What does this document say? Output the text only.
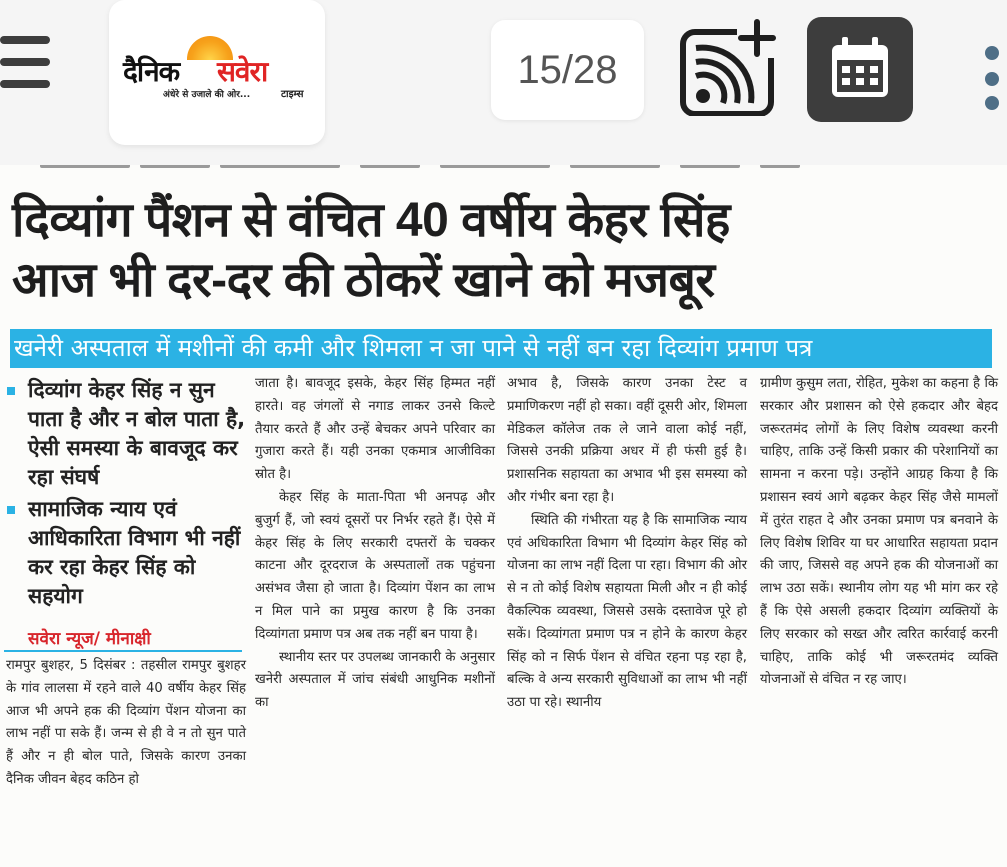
दैनिक सवेरा
अंधेरे से उजाले की ओर...	टाइम्स
15/28
दिव्यांग पैंशन से वंचित 40 वर्षीय केहर सिंह
आज भी दर-दर की ठोकरें खाने को मजबूर
खनेरी अस्पताल में मशीनों की कमी और शिमला न जा पाने से नहीं बन रहा दिव्यांग प्रमाण पत्र
दिव्यांग केहर सिंह न सुन पाता है और न बोल पाता है, ऐसी समस्या के बावजूद कर रहा संघर्ष
सामाजिक न्याय एवं आधिकारिता विभाग भी नहीं कर रहा केहर सिंह को सहयोग
सवेरा न्यूज/ मीनाक्षी

रामपुर बुशहर, 5 दिसंबर : तहसील रामपुर बुशहर के गांव लालसा में रहने वाले 40 वर्षीय केहर सिंह आज भी अपने हक की दिव्यांग पेंशन योजना का लाभ नहीं पा सके हैं। जन्म से ही वे न तो सुन पाते हैं और न ही बोल पाते, जिसके कारण उनका दैनिक जीवन बेहद कठिन हो

जाता है। बावजूद इसके, केहर सिंह हिम्मत नहीं हारते। वह जंगलों से नगाड लाकर उनसे किल्टे तैयार करते हैं और उन्हें बेचकर अपने परिवार का गुजारा करते हैं। यही उनका एकमात्र आजीविका स्रोत है।

केहर सिंह के माता-पिता भी अनपढ़ और बुजुर्ग हैं, जो स्वयं दूसरों पर निर्भर रहते हैं। ऐसे में केहर सिंह के लिए सरकारी दफ्तरों के चक्कर काटना और दूरदराज के अस्पतालों तक पहुंचना असंभव जैसा हो जाता है। दिव्यांग पेंशन का लाभ न मिल पाने का प्रमुख कारण है कि उनका दिव्यांगता प्रमाण पत्र अब तक नहीं बन पाया है।

स्थानीय स्तर पर उपलब्ध जानकारी के अनुसार खनेरी अस्पताल में जांच संबंधी आधुनिक मशीनों का

अभाव है, जिसके कारण उनका टेस्ट व प्रमाणिकरण नहीं हो सका। वहीं दूसरी ओर, शिमला मेडिकल कॉलेज तक ले जाने वाला कोई नहीं, जिससे उनकी प्रक्रिया अधर में ही फंसी हुई है। प्रशासनिक सहायता का अभाव भी इस समस्या को और गंभीर बना रहा है।

स्थिति की गंभीरता यह है कि सामाजिक न्याय एवं अधिकारिता विभाग भी दिव्यांग केहर सिंह को योजना का लाभ नहीं दिला पा रहा। विभाग की ओर से न तो कोई विशेष सहायता मिली और न ही कोई वैकल्पिक व्यवस्था, जिससे उसके दस्तावेज पूरे हो सकें। दिव्यांगता प्रमाण पत्र न होने के कारण केहर सिंह को न सिर्फ पेंशन से वंचित रहना पड़ रहा है, बल्कि वे अन्य सरकारी सुविधाओं का लाभ भी नहीं उठा पा रहे। स्थानीय

ग्रामीण कुसुम लता, रोहित, मुकेश का कहना है कि सरकार और प्रशासन को ऐसे हकदार और बेहद जरूरतमंद लोगों के लिए विशेष व्यवस्था करनी चाहिए, ताकि उन्हें किसी प्रकार की परेशानियों का सामना न करना पड़े। उन्होंने आग्रह किया है कि प्रशासन स्वयं आगे बढ़कर केहर सिंह जैसे मामलों में तुरंत राहत दे और उनका प्रमाण पत्र बनवाने के लिए विशेष शिविर या घर आधारित सहायता प्रदान की जाए, जिससे वह अपने हक की योजनाओं का लाभ उठा सकें। स्थानीय लोग यह भी मांग कर रहे हैं कि ऐसे असली हकदार दिव्यांग व्यक्तियों के लिए सरकार को सख्त और त्वरित कार्रवाई करनी चाहिए, ताकि कोई भी जरूरतमंद व्यक्ति योजनाओं से वंचित न रह जाए।
